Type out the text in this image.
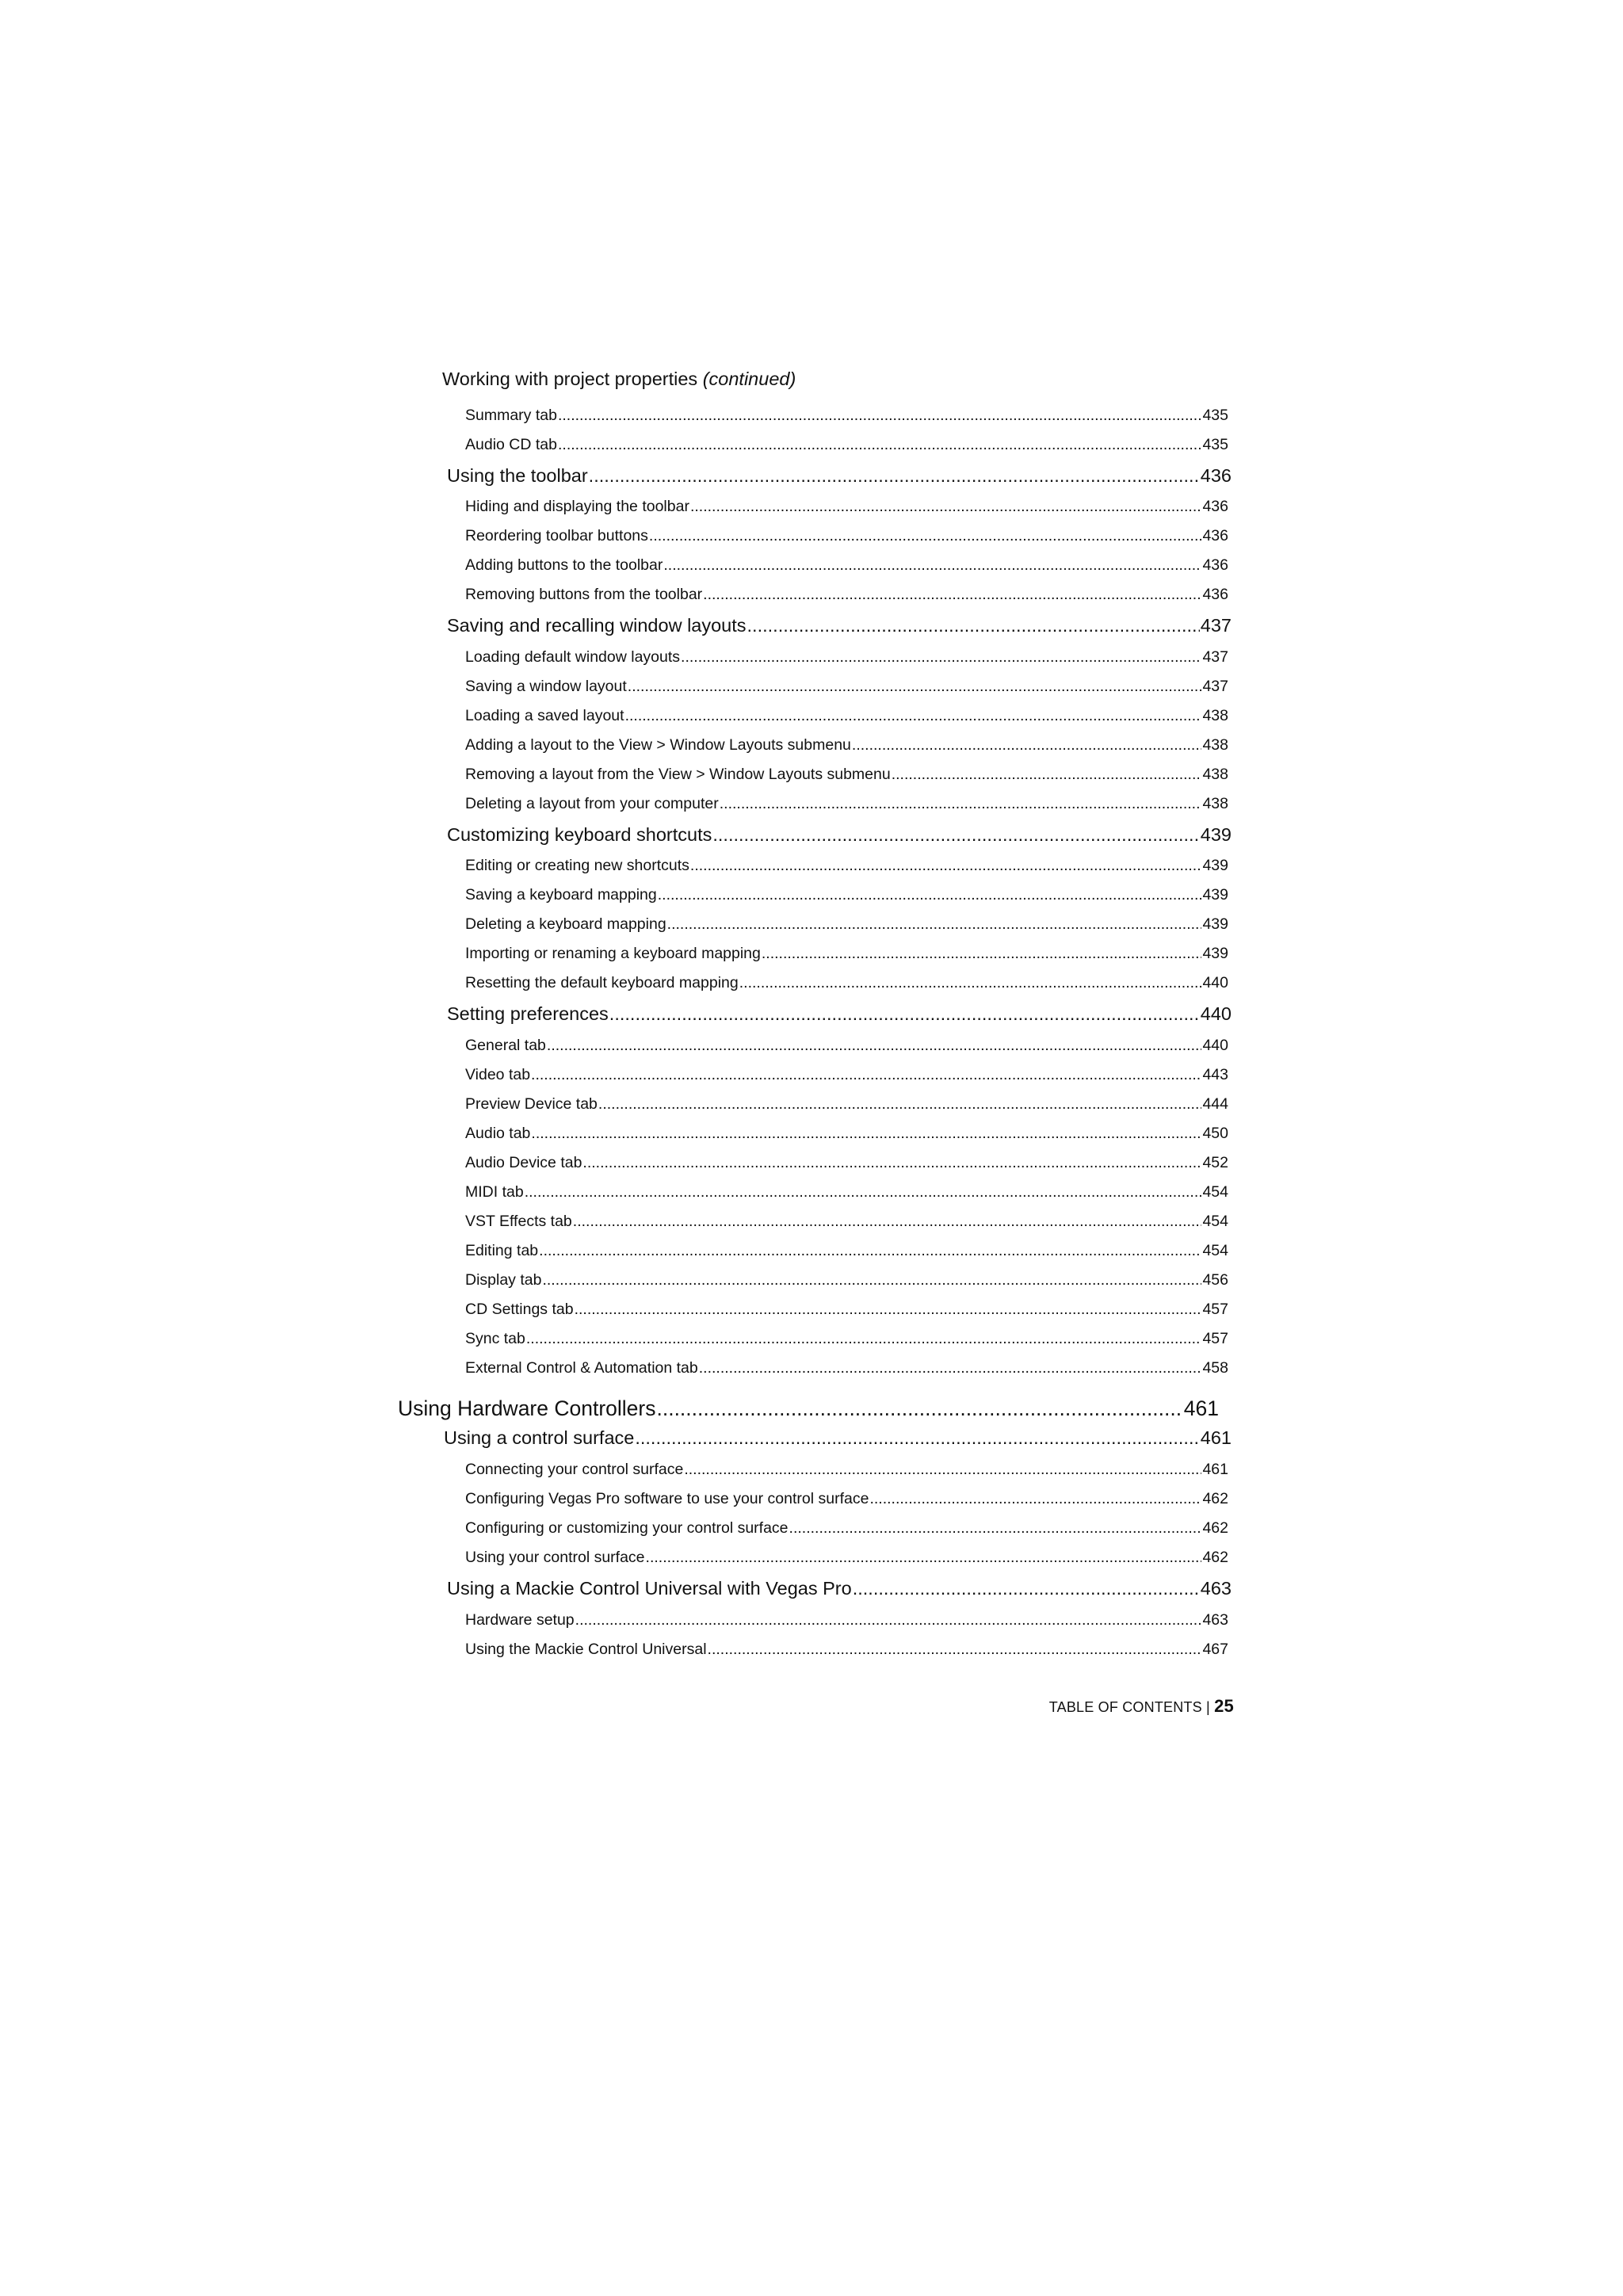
Working with project properties (continued)
Summary tab .....	435
Audio CD tab .....	435
Using the toolbar .....	436
Hiding and displaying the toolbar .....	436
Reordering toolbar buttons .....	436
Adding buttons to the toolbar .....	436
Removing buttons from the toolbar .....	436
Saving and recalling window layouts .....	437
Loading default window layouts .....	437
Saving a window layout .....	437
Loading a saved layout .....	438
Adding a layout to the View > Window Layouts submenu .....	438
Removing a layout from the View > Window Layouts submenu .....	438
Deleting a layout from your computer .....	438
Customizing keyboard shortcuts .....	439
Editing or creating new shortcuts .....	439
Saving a keyboard mapping .....	439
Deleting a keyboard mapping .....	439
Importing or renaming a keyboard mapping .....	439
Resetting the default keyboard mapping .....	440
Setting preferences .....	440
General tab .....	440
Video tab .....	443
Preview Device tab .....	444
Audio tab .....	450
Audio Device tab .....	452
MIDI tab .....	454
VST Effects tab .....	454
Editing tab .....	454
Display tab .....	456
CD Settings tab .....	457
Sync tab .....	457
External Control & Automation tab .....	458
Using Hardware Controllers .....	461
Using a control surface .....	461
Connecting your control surface .....	461
Configuring Vegas Pro software to use your control surface .....	462
Configuring or customizing your control surface .....	462
Using your control surface .....	462
Using a Mackie Control Universal with Vegas Pro .....	463
Hardware setup .....	463
Using the Mackie Control Universal .....	467
TABLE OF CONTENTS | 25
